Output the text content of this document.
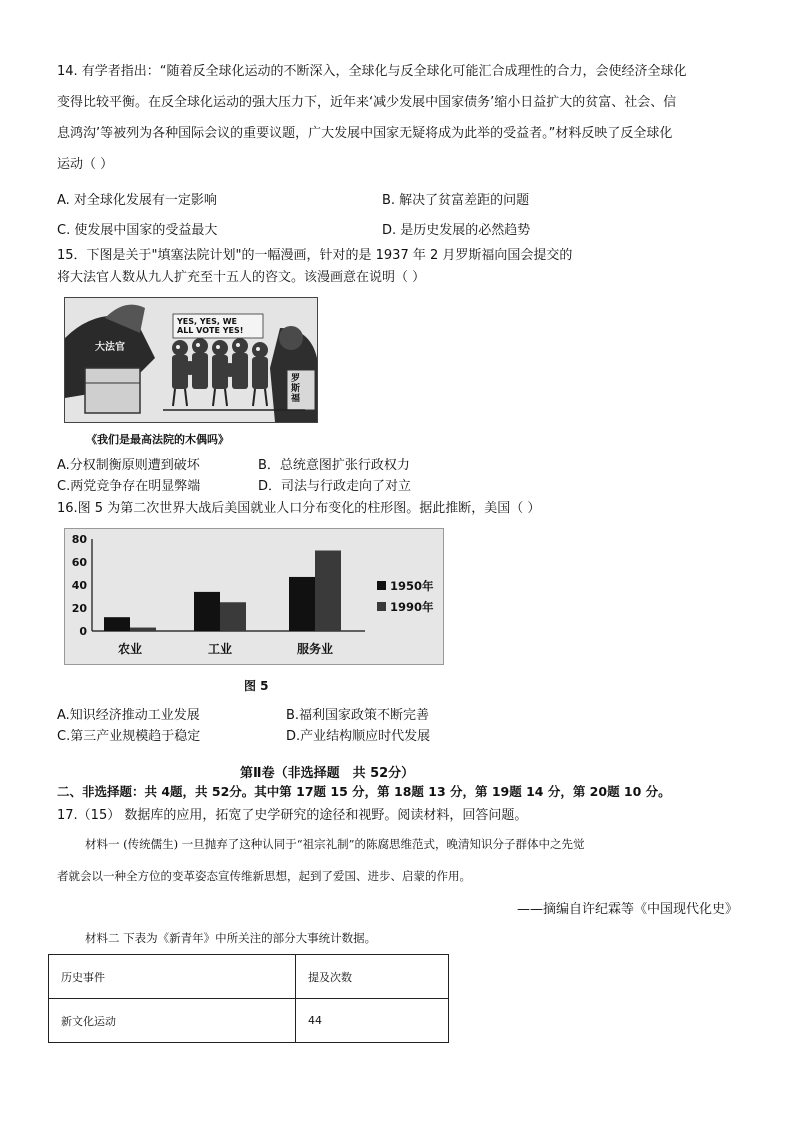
14. 有学者指出：“随着反全球化运动的不断深入，全球化与反全球化可能汇合成理性的合力，会使经济全球化
变得比较平衡。在反全球化运动的强大压力下，近年来‘减少发展中国家债务’缩小日益扩大的贫富、社会、信
息鸿沟’等被列为各种国际会议的重要议题，广大发展中国家无疑将成为此举的受益者。”材料反映了反全球化
运动（ ）
A. 对全球化发展有一定影响	B. 解决了贫富差距的问题
C. 使发展中国家的受益最大	D. 是历史发展的必然趋势
15．下图是关于"填塞法院计划"的一幅漫画，针对的是 1937 年 2 月罗斯福向国会提交的
将大法官人数从九人扩充至十五人的咨文。该漫画意在说明（ ）
YES, YES, WE
ALL VOTE YES!
大法官
罗斯福
《我们是最高法院的木偶吗》
A.分权制衡原则遭到破坏	B．总统意图扩张行政权力
C.两党竞争存在明显弊端	D．司法与行政走向了对立
16.图 5 为第二次世界大战后美国就业人口分布变化的柱形图。据此推断，美国（ ）
0
20
40
60
80
农业	工业	服务业
1950年
1990年
图 5
A.知识经济推动工业发展	B.福利国家政策不断完善
C.第三产业规模趋于稳定	D.产业结构顺应时代发展
第Ⅱ卷（非选择题　共 52分）
二、非选择题：共 4题，共 52分。其中第 17题 15 分，第 18题 13 分，第 19题 14 分，第 20题 10 分。
17.（15） 数据库的应用，拓宽了史学研究的途径和视野。阅读材料，回答问题。
材料一 (传统儒生) 一旦抛弃了这种认同于“祖宗礼制”的陈腐思维范式，晚清知识分子群体中之先觉
者就会以一种全方位的变革姿态宣传维新思想，起到了爱国、进步、启蒙的作用。
——摘编自许纪霖等《中国现代化史》
材料二 下表为《新青年》中所关注的部分大事统计数据。
历史事件	提及次数
新文化运动	44
